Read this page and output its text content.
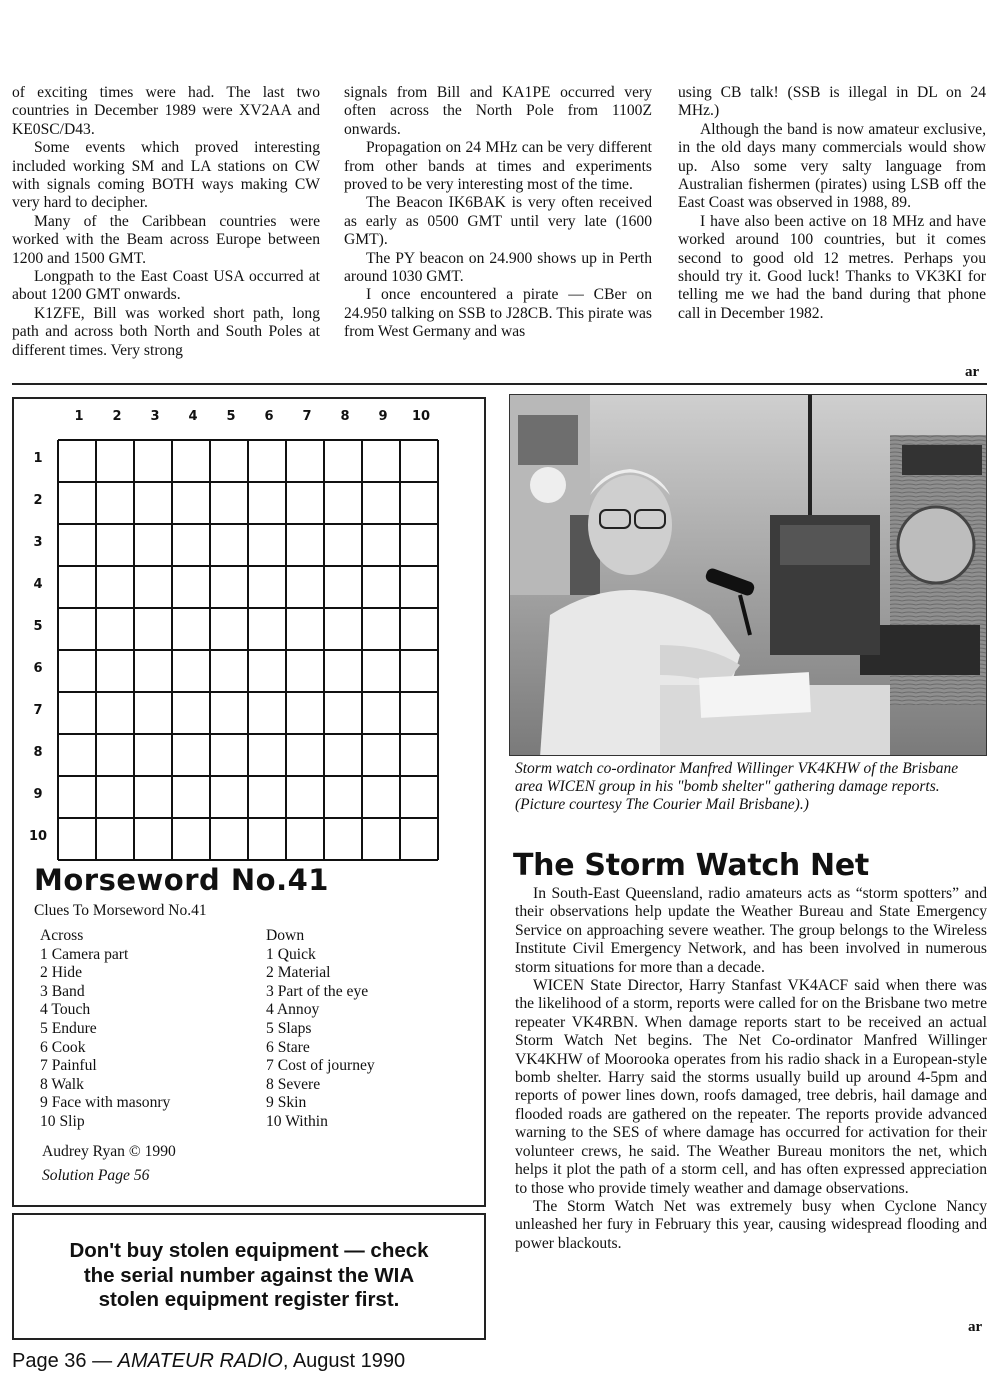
of exciting times were had. The last two countries in December 1989 were XV2AA and KE0SC/D43.

Some events which proved interesting included working SM and LA stations on CW with signals coming BOTH ways making CW very hard to decipher.

Many of the Caribbean countries were worked with the Beam across Europe between 1200 and 1500 GMT.

Longpath to the East Coast USA occurred at about 1200 GMT onwards.

K1ZFE, Bill was worked short path, long path and across both North and South Poles at different times. Very strong

signals from Bill and KA1PE occurred very often across the North Pole from 1100Z onwards.

Propagation on 24 MHz can be very different from other bands at times and experiments proved to be very interesting most of the time.

The Beacon IK6BAK is very often received as early as 0500 GMT until very late (1600 GMT).

The PY beacon on 24.900 shows up in Perth around 1030 GMT.

I once encountered a pirate — CBer on 24.950 talking on SSB to J28CB. This pirate was from West Germany and was

using CB talk! (SSB is illegal in DL on 24 MHz.)

Although the band is now amateur exclusive, in the old days many commercials would show up. Also some very salty language from Australian fishermen (pirates) using LSB off the East Coast was observed in 1988, 89.

I have also been active on 18 MHz and have worked around 100 countries, but it comes second to good old 12 metres. Perhaps you should try it. Good luck! Thanks to VK3KI for telling me we had the band during that phone call in December 1982.

ar
1	2	3	4	5	6	7	8	9	10
1
2
3
4
5
6
7
8
9
10
Morseword No.41
Clues To Morseword No.41
Across
1 Camera part
2 Hide
3 Band
4 Touch
5 Endure
6 Cook
7 Painful
8 Walk
9 Face with masonry
10 Slip
Down
1 Quick
2 Material
3 Part of the eye
4 Annoy
5 Slaps
6 Stare
7 Cost of journey
8 Severe
9 Skin
10 Within
Audrey Ryan © 1990
Solution Page 56
Don't buy stolen equipment — check
the serial number against the WIA
stolen equipment register first.
Storm watch co-ordinator Manfred Willinger VK4KHW of the Brisbane area WICEN group in his "bomb shelter" gathering damage reports. (Picture courtesy The Courier Mail Brisbane).)
The Storm Watch Net

In South-East Queensland, radio amateurs acts as “storm spotters” and their observations help update the Weather Bureau and State Emergency Service on approaching severe weather. The group belongs to the Wireless Institute Civil Emergency Network, and has been involved in numerous storm situations for more than a decade.

WICEN State Director, Harry Stanfast VK4ACF said when there was the likelihood of a storm, reports were called for on the Brisbane two metre repeater VK4RBN. When damage reports start to be received an actual Storm Watch Net begins. The Net Co-ordinator Manfred Willinger VK4KHW of Moorooka operates from his radio shack in a European-style bomb shelter. Harry said the storms usually build up around 4-5pm and reports of power lines down, roofs damaged, tree debris, hail damage and flooded roads are gathered on the repeater. The reports provide advanced warning to the SES of where damage has occurred for activation for their volunteer crews, he said. The Weather Bureau monitors the net, which helps it plot the path of a storm cell, and has often expressed appreciation to those who provide timely weather and damage observations.

The Storm Watch Net was extremely busy when Cyclone Nancy unleashed her fury in February this year, causing widespread flooding and power blackouts.

ar
Page 36 — AMATEUR RADIO, August 1990
